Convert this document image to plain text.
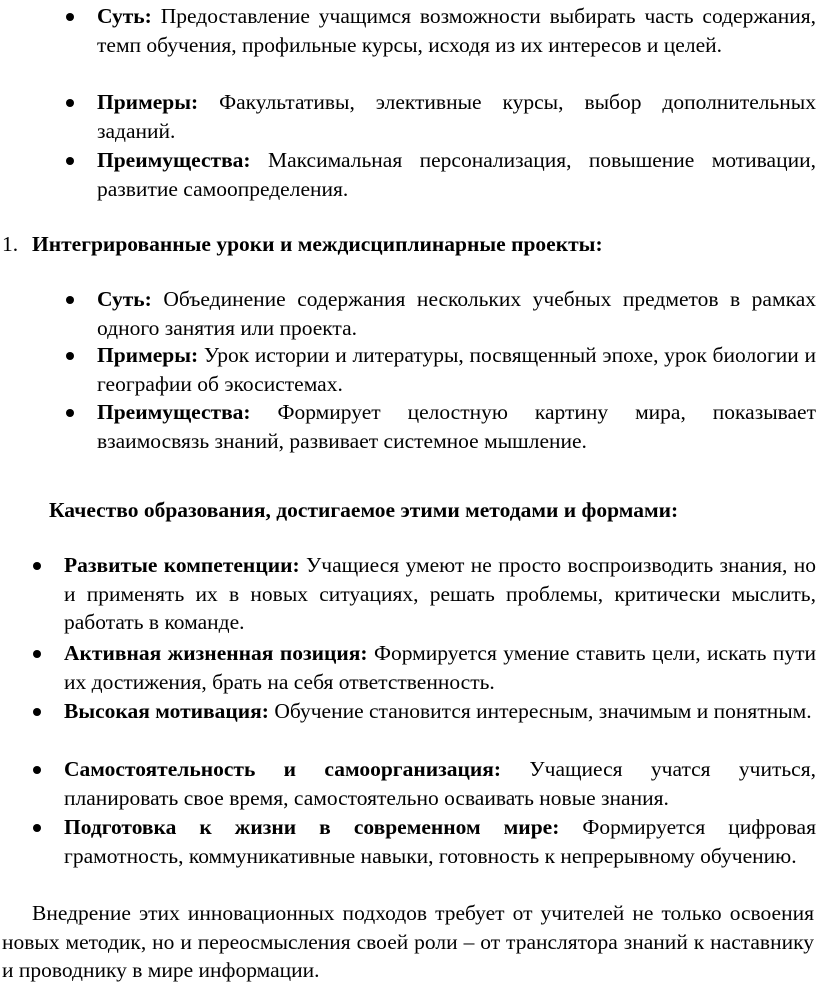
Суть: Предоставление учащимся возможности выбирать часть содержания, темп обучения, профильные курсы, исходя из их интересов и целей.
Примеры: Факультативы, элективные курсы, выбор дополнительных заданий.
Преимущества: Максимальная персонализация, повышение мотивации, развитие самоопределения.
1. Интегрированные уроки и междисциплинарные проекты:
Суть: Объединение содержания нескольких учебных предметов в рамках одного занятия или проекта.
Примеры: Урок истории и литературы, посвященный эпохе, урок биологии и географии об экосистемах.
Преимущества: Формирует целостную картину мира, показывает взаимосвязь знаний, развивает системное мышление.
Качество образования, достигаемое этими методами и формами:
Развитые компетенции: Учащиеся умеют не просто воспроизводить знания, но и применять их в новых ситуациях, решать проблемы, критически мыслить, работать в команде.
Активная жизненная позиция: Формируется умение ставить цели, искать пути их достижения, брать на себя ответственность.
Высокая мотивация: Обучение становится интересным, значимым и понятным.
Самостоятельность и самоорганизация: Учащиеся учатся учиться, планировать свое время, самостоятельно осваивать новые знания.
Подготовка к жизни в современном мире: Формируется цифровая грамотность, коммуникативные навыки, готовность к непрерывному обучению.

Внедрение этих инновационных подходов требует от учителей не только освоения новых методик, но и переосмысления своей роли – от транслятора знаний к наставнику и проводнику в мире информации.
